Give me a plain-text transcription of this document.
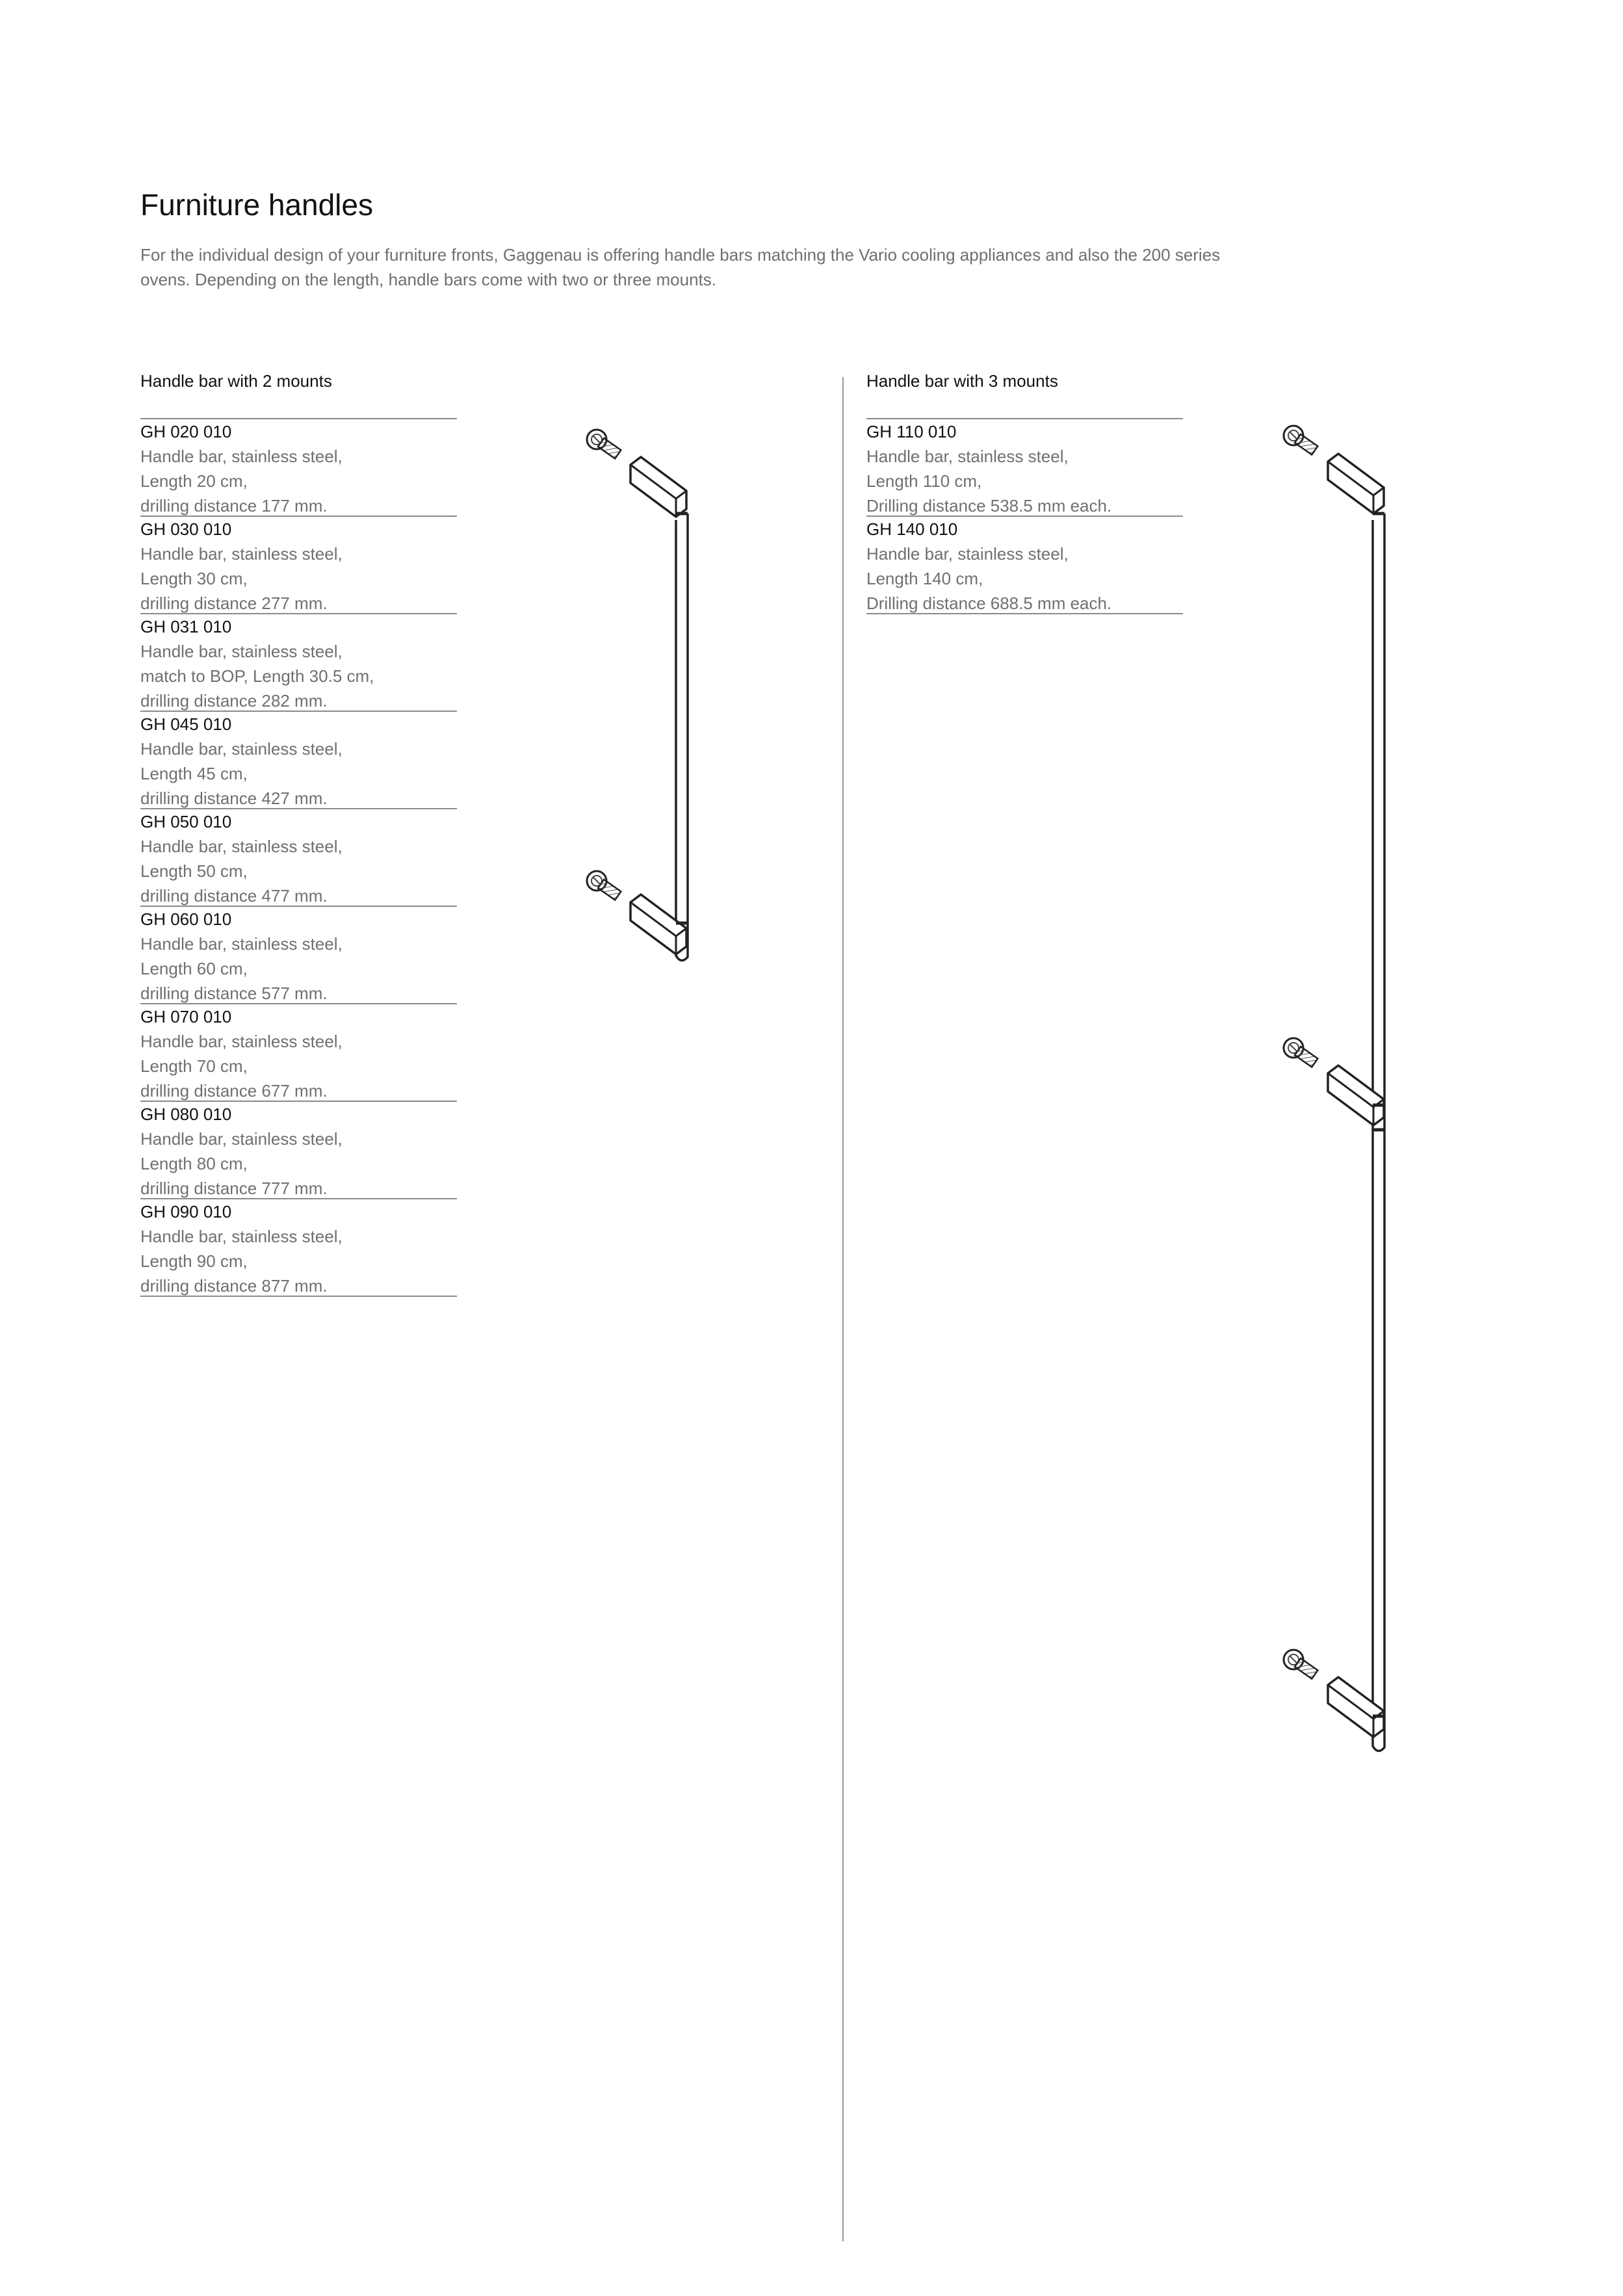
Furniture handles

For the individual design of your furniture fronts, Gaggenau is offering handle bars matching the Vario cooling appliances and also the 200 series ovens. Depending on the length, handle bars come with two or three mounts.

Handle bar with 2 mounts	Handle bar with 3 mounts
GH 020 010
Handle bar, stainless steel,
Length 20 cm,
drilling distance 177 mm.
GH 030 010
Handle bar, stainless steel,
Length 30 cm,
drilling distance 277 mm.
GH 031 010
Handle bar, stainless steel,
match to BOP, Length 30.5 cm,
drilling distance 282 mm.
GH 045 010
Handle bar, stainless steel,
Length 45 cm,
drilling distance 427 mm.
GH 050 010
Handle bar, stainless steel,
Length 50 cm,
drilling distance 477 mm.
GH 060 010
Handle bar, stainless steel,
Length 60 cm,
drilling distance 577 mm.
GH 070 010
Handle bar, stainless steel,
Length 70 cm,
drilling distance 677 mm.
GH 080 010
Handle bar, stainless steel,
Length 80 cm,
drilling distance 777 mm.
GH 090 010
Handle bar, stainless steel,
Length 90 cm,
drilling distance 877 mm.
GH 110 010
Handle bar, stainless steel,
Length 110 cm,
Drilling distance 538.5 mm each.
GH 140 010
Handle bar, stainless steel,
Length 140 cm,
Drilling distance 688.5 mm each.
